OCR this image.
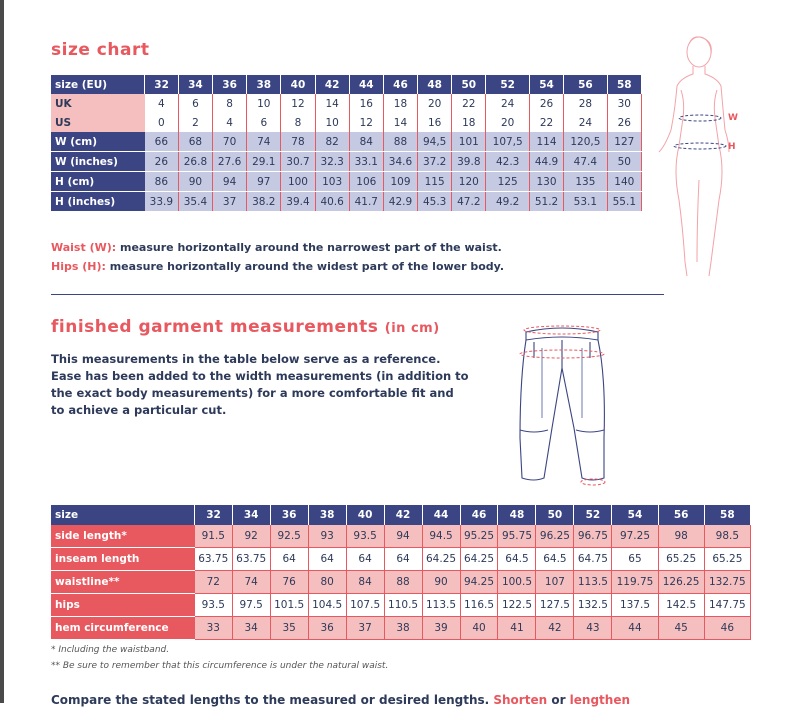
size chart
size (EU)	32	34	36	38	40	42	44	46	48	50	52	54	56	58
UK	4	6	8	10	12	14	16	18	20	22	24	26	28	30
US	0	2	4	6	8	10	12	14	16	18	20	22	24	26
W (cm)	66	68	70	74	78	82	84	88	94,5	101	107,5	114	120,5	127
W (inches)	26	26.8	27.6	29.1	30.7	32.3	33.1	34.6	37.2	39.8	42.3	44.9	47.4	50
H (cm)	86	90	94	97	100	103	106	109	115	120	125	130	135	140
H (inches)	33.9	35.4	37	38.2	39.4	40.6	41.7	42.9	45.3	47.2	49.2	51.2	53.1	55.1
Waist (W): measure horizontally around the narrowest part of the waist.
Hips (H): measure horizontally around the widest part of the lower body.
W
H
finished garment measurements (in cm)
This measurements in the table below serve as a reference. Ease has been added to the width measurements (in addition to the exact body measurements) for a more comfortable fit and to achieve a particular cut.
size	32	34	36	38	40	42	44	46	48	50	52	54	56	58
side length*	91.5	92	92.5	93	93.5	94	94.5	95.25	95.75	96.25	96.75	97.25	98	98.5
inseam length	63.75	63.75	64	64	64	64	64.25	64.25	64.5	64.5	64.75	65	65.25	65.25
waistline**	72	74	76	80	84	88	90	94.25	100.5	107	113.5	119.75	126.25	132.75
hips	93.5	97.5	101.5	104.5	107.5	110.5	113.5	116.5	122.5	127.5	132.5	137.5	142.5	147.75
hem circumference	33	34	35	36	37	38	39	40	41	42	43	44	45	46
* Including the waistband.
** Be sure to remember that this circumference is under the natural waist.
Compare the stated lengths to the measured or desired lengths. Shorten or lengthen
